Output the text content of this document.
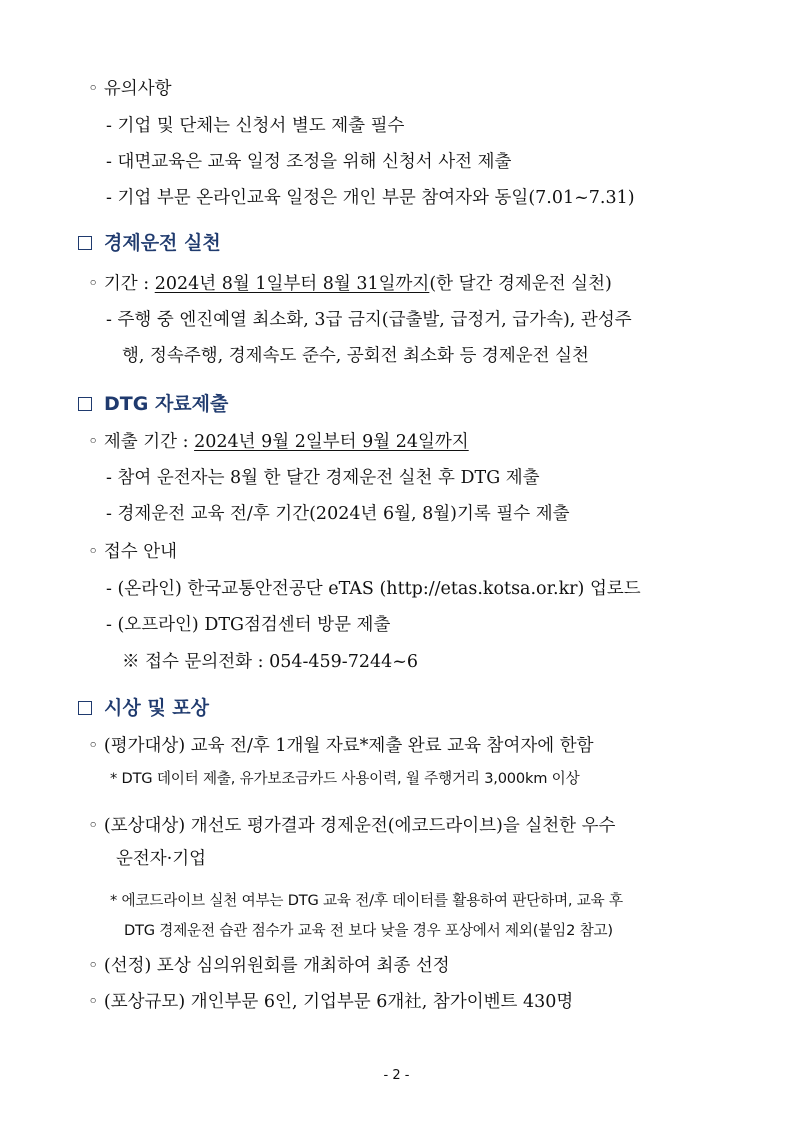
◦ 유의사항
- 기업 및 단체는 신청서 별도 제출 필수
- 대면교육은 교육 일정 조정을 위해 신청서 사전 제출
- 기업 부문 온라인교육 일정은 개인 부문 참여자와 동일(7.01~7.31)
경제운전 실천
◦ 기간 : 2024년 8월 1일부터 8월 31일까지(한 달간 경제운전 실천)
- 주행 중 엔진예열 최소화, 3급 금지(급출발, 급정거, 급가속), 관성주
행, 정속주행, 경제속도 준수, 공회전 최소화 등 경제운전 실천
DTG 자료제출
◦ 제출 기간 : 2024년 9월 2일부터 9월 24일까지
- 참여 운전자는 8월 한 달간 경제운전 실천 후 DTG 제출
- 경제운전 교육 전/후 기간(2024년 6월, 8월)기록 필수 제출
◦ 접수 안내
- (온라인) 한국교통안전공단 eTAS (http://etas.kotsa.or.kr) 업로드
- (오프라인) DTG점검센터 방문 제출
※ 접수 문의전화 : 054-459-7244~6
시상 및 포상
◦ (평가대상) 교육 전/후 1개월 자료*제출 완료 교육 참여자에 한함
* DTG 데이터 제출, 유가보조금카드 사용이력, 월 주행거리 3,000km 이상
◦ (포상대상) 개선도 평가결과 경제운전(에코드라이브)을 실천한 우수
운전자·기업
* 에코드라이브 실천 여부는 DTG 교육 전/후 데이터를 활용하여 판단하며, 교육 후
DTG 경제운전 습관 점수가 교육 전 보다 낮을 경우 포상에서 제외(붙임2 참고)
◦ (선정) 포상 심의위원회를 개최하여 최종 선정
◦ (포상규모) 개인부문 6인, 기업부문 6개社, 참가이벤트 430명
- 2 -
